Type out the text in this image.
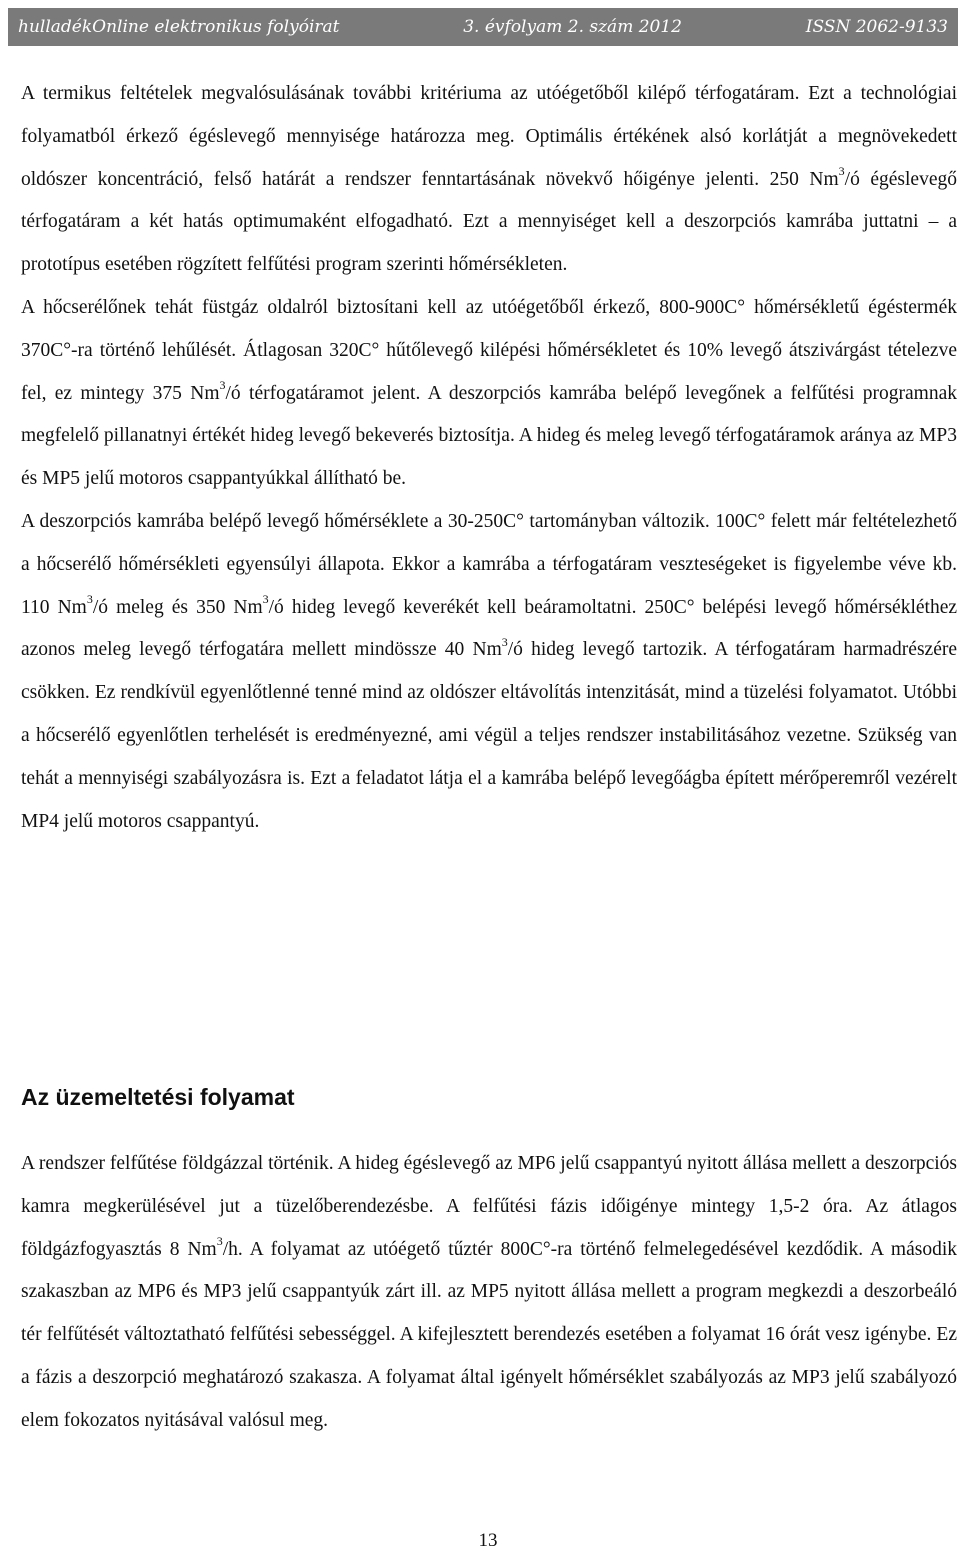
hulladékOnline elektronikus folyóirat	3. évfolyam 2. szám 2012	ISSN 2062-9133

A termikus feltételek megvalósulásának további kritériuma az utóégetőből kilépő térfogatáram. Ezt a technológiai folyamatból érkező égéslevegő mennyisége határozza meg. Optimális értékének alsó korlátját a megnövekedett oldószer koncentráció, felső határát a rendszer fenntartásának növekvő hőigénye jelenti. 250 Nm$^3$/ó égéslevegő térfogatáram a két hatás optimumaként elfogadható. Ezt a mennyiséget kell a deszorpciós kamrába juttatni – a prototípus esetében rögzített felfűtési program szerinti hőmérsékleten.

A hőcserélőnek tehát füstgáz oldalról biztosítani kell az utóégetőből érkező, 800-900C° hőmérsékletű égéstermék 370C°-ra történő lehűlését. Átlagosan 320C° hűtőlevegő kilépési hőmérsékletet és 10% levegő átszivárgást tételezve fel, ez mintegy 375 Nm$^3$/ó térfogatáramot jelent. A deszorpciós kamrába belépő levegőnek a felfűtési programnak megfelelő pillanatnyi értékét hideg levegő bekeverés biztosítja. A hideg és meleg levegő térfogatáramok aránya az MP3 és MP5 jelű motoros csappantyúkkal állítható be.

A deszorpciós kamrába belépő levegő hőmérséklete a 30-250C° tartományban változik. 100C° felett már feltételezhető a hőcserélő hőmérsékleti egyensúlyi állapota. Ekkor a kamrába a térfogatáram veszteségeket is figyelembe véve kb. 110 Nm$^3$/ó meleg és 350 Nm$^3$/ó hideg levegő keverékét kell beáramoltatni. 250C° belépési levegő hőmérsékléthez azonos meleg levegő térfogatára mellett mindössze 40 Nm$^3$/ó hideg levegő tartozik. A térfogatáram harmadrészére csökken. Ez rendkívül egyenlőtlenné tenné mind az oldószer eltávolítás intenzitását, mind a tüzelési folyamatot. Utóbbi a hőcserélő egyenlőtlen terhelését is eredményezné, ami végül a teljes rendszer instabilitásához vezetne. Szükség van tehát a mennyiségi szabályozásra is. Ezt a feladatot látja el a kamrába belépő levegőágba épített mérőperemről vezérelt MP4 jelű motoros csappantyú.

Az üzemeltetési folyamat

A rendszer felfűtése földgázzal történik. A hideg égéslevegő az MP6 jelű csappantyú nyitott állása mellett a deszorpciós kamra megkerülésével jut a tüzelőberendezésbe. A felfűtési fázis időigénye mintegy 1,5-2 óra. Az átlagos földgázfogyasztás 8 Nm$^3$/h. A folyamat az utóégető tűztér 800C°-ra történő felmelegedésével kezdődik. A második szakaszban az MP6 és MP3 jelű csappantyúk zárt ill. az MP5 nyitott állása mellett a program megkezdi a deszorbeáló tér felfűtését változtatható felfűtési sebességgel. A kifejlesztett berendezés esetében a folyamat 16 órát vesz igénybe. Ez a fázis a deszorpció meghatározó szakasza. A folyamat által igényelt hőmérséklet szabályozás az MP3 jelű szabályozó elem fokozatos nyitásával valósul meg.

13
